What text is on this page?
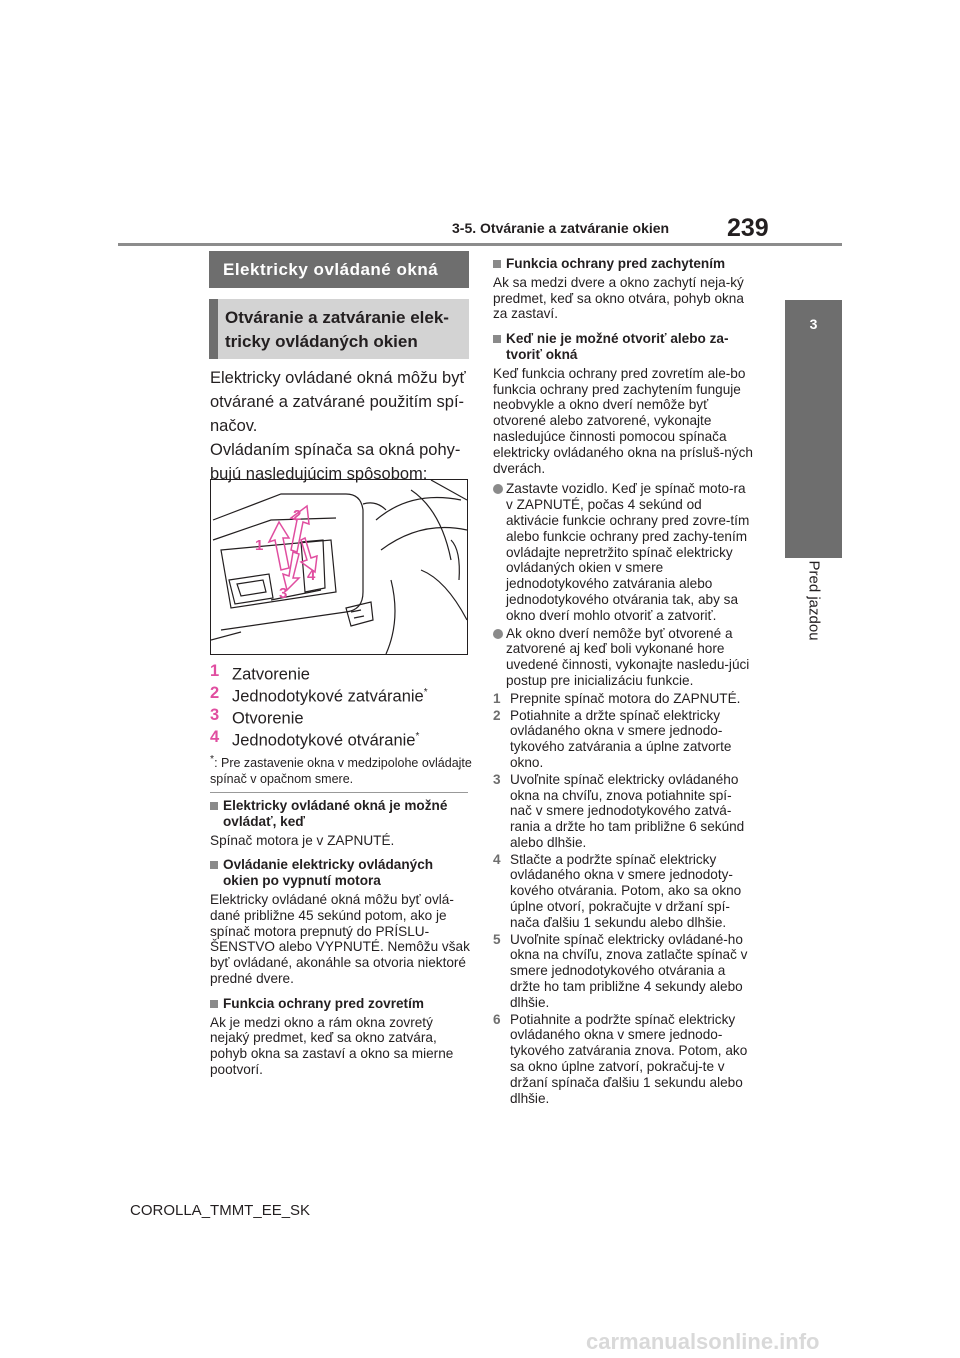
3-5. Otváranie a zatváranie okien 239
3
Pred jazdou
Elektricky ovládané okná
Otváranie a zatváranie elek-
tricky ovládaných okien

Elektricky ovládané okná môžu byť otvárané a zatvárané použitím spí-načov.

Ovládaním spínača sa okná pohy-bujú nasledujúcim spôsobom:

1
2
3
4
1 Zatvorenie
2 Jednodotykové zatváranie*
3 Otvorenie
4 Jednodotykové otváranie*
*: Pre zastavenie okna v medzipolohe ovládajte spínač v opačnom smere.
Elektricky ovládané okná je možné ovládať, keď
Spínač motora je v ZAPNUTÉ.
Ovládanie elektricky ovládaných okien po vypnutí motora
Elektricky ovládané okná môžu byť ovlá-dané približne 45 sekúnd potom, ako je spínač motora prepnutý do PRÍSLU-ŠENSTVO alebo VYPNUTÉ. Nemôžu však byť ovládané, akonáhle sa otvoria niektoré predné dvere.
Funkcia ochrany pred zovretím
Ak je medzi okno a rám okna zovretý nejaký predmet, keď sa okno zatvára, pohyb okna sa zastaví a okno sa mierne pootvorí.
Funkcia ochrany pred zachytením
Ak sa medzi dvere a okno zachytí neja-ký predmet, keď sa okno otvára, pohyb okna za zastaví.
Keď nie je možné otvoriť alebo za-tvoriť okná
Keď funkcia ochrany pred zovretím ale-bo funkcia ochrany pred zachytením funguje neobvykle a okno dverí nemôže byť otvorené alebo zatvorené, vykonajte nasledujúce činnosti pomocou spínača elektricky ovládaného okna na prísluš-ných dverách.
Zastavte vozidlo. Keď je spínač moto-ra v ZAPNUTÉ, počas 4 sekúnd od aktivácie funkcie ochrany pred zovre-tím alebo funkcie ochrany pred zachy-tením ovládajte nepretržito spínač elektricky ovládaných okien v smere jednodotykového zatvárania alebo jednodotykového otvárania tak, aby sa okno dverí mohlo otvoriť a zatvoriť.
Ak okno dverí nemôže byť otvorené a zatvorené aj keď boli vykonané hore uvedené činnosti, vykonajte nasledu-júci postup pre inicializáciu funkcie.
1 Prepnite spínač motora do ZAPNUTÉ.
2 Potiahnite a držte spínač elektricky ovládaného okna v smere jednodo-tykového zatvárania a úplne zatvorte okno.
3 Uvoľnite spínač elektricky ovládaného okna na chvíľu, znova potiahnite spí-nač v smere jednodotykového zatvá-rania a držte ho tam približne 6 sekúnd alebo dlhšie.
4 Stlačte a podržte spínač elektricky ovládaného okna v smere jednodoty-kového otvárania. Potom, ako sa okno úplne otvorí, pokračujte v držaní spí-nača ďalšiu 1 sekundu alebo dlhšie.
5 Uvoľnite spínač elektricky ovládané-ho okna na chvíľu, znova zatlačte spínač v smere jednodotykového otvárania a držte ho tam približne 4 sekundy alebo dlhšie.
6 Potiahnite a podržte spínač elektricky ovládaného okna v smere jednodo-tykového zatvárania znova. Potom, ako sa okno úplne zatvorí, pokračuj-te v držaní spínača ďalšiu 1 sekundu alebo dlhšie.
COROLLA_TMMT_EE_SK
carmanualsonline.info
